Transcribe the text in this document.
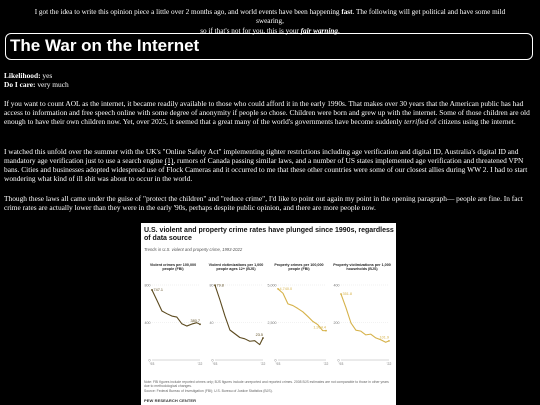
I got the idea to write this opinion piece a little over 2 months ago, and world events have been happening fast. The following will get political and have some mild swearing,
so if that's not for you, this is your fair warning.
The War on the Internet
Likelihood: yes
Do I care: very much

If you want to count AOL as the internet, it became readily available to those who could afford it in the early 1990s. That makes over 30 years that the American public has had access to information and free speech online with some degree of anonymity if people so chose. Children were born and grew up with the internet. Some of those children are old enough to have their own children now. Yet, over 2025, it seemed that a great many of the world's governments have become suddenly terrified of citizens using the internet.

I watched this unfold over the summer with the UK's "Online Safety Act" implementing tighter restrictions including age verification and digital ID, Australia's digital ID and mandatory age verification just to use a search engine (1), rumors of Canada passing similar laws, and a number of US states implemented age verification and threatened VPN bans. Cities and businesses adopted widespread use of Flock Cameras and it occurred to me that these other countries were some of our closest allies during WW 2. I had to start wondering what kind of ill shit was about to occur in the world.

Though these laws all came under the guise of "protect the children" and "reduce crime", I'd like to point out again my point in the opening paragraph— people are fine. In fact crime rates are actually lower than they were in the early '90s, perhaps despite public opinion, and there are more people now.

U.S. violent and property crime rates have plunged since 1990s, regardless of data source
Trends in U.S. violent and property crime, 1993-2022
Violent crimes per 100,000 people (FBI)
Violent victimizations per 1,000 people ages 12+ (BJS)
Property crimes per 100,000 people (FBI)
Property victimizations per 1,000 households (BJS)
0
400
800
'93	'22
747.1
380.7
0
40
80
'93	'22
79.8
23.5
0
2,500
5,000
'93	'22
4,740.0
1,954.4
0
200
400
'93	'22
351.8
101.9
Note: FBI figures include reported crimes only; BJS figures include unreported and reported crimes. 2008 BJS estimates are not comparable to those in other years due to methodological changes.
Source: Federal Bureau of Investigation (FBI); U.S. Bureau of Justice Statistics (BJS).
PEW RESEARCH CENTER
